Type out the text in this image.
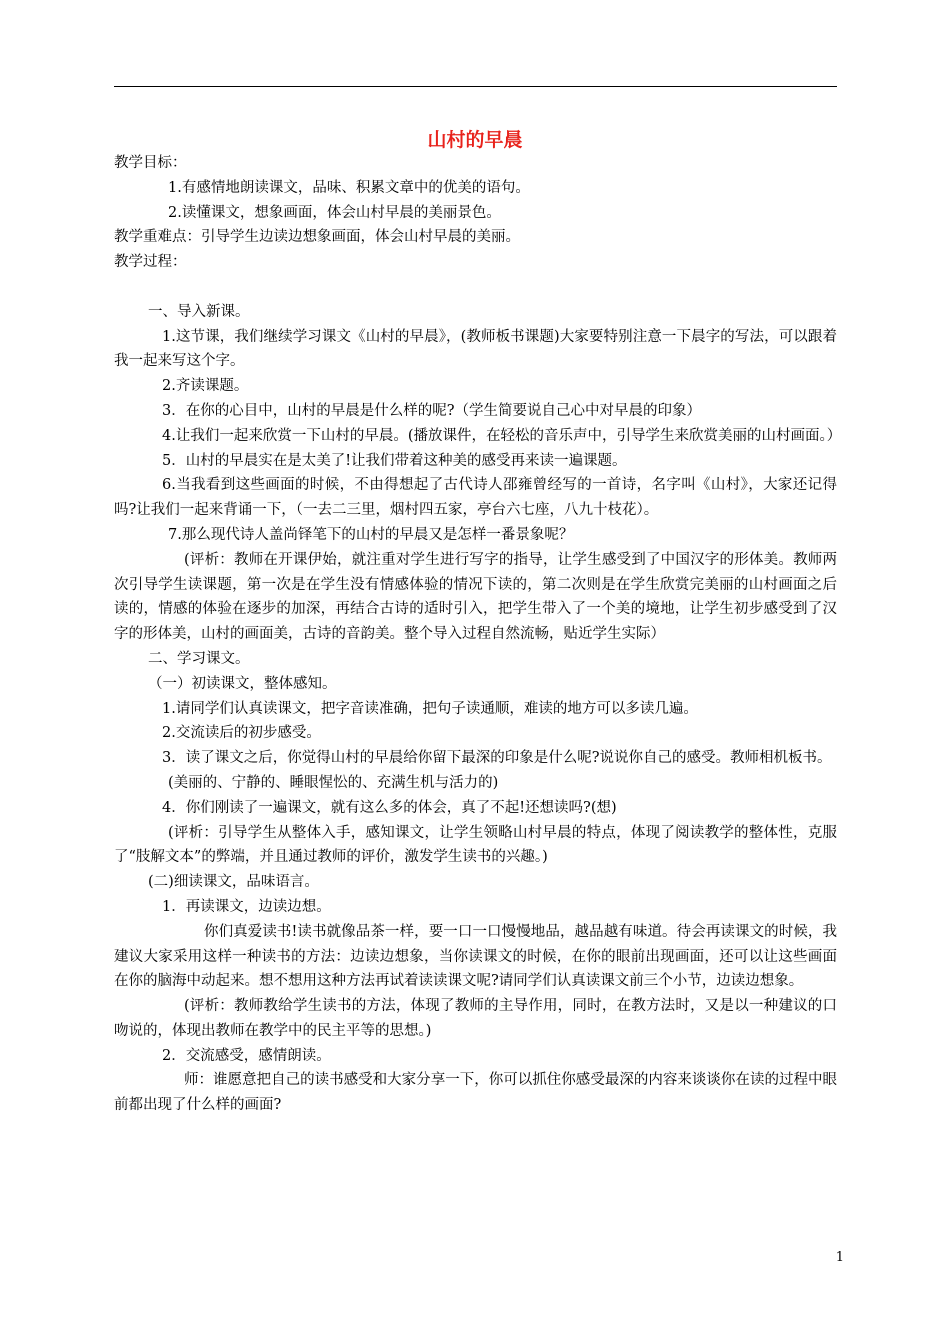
山村的早晨

教学目标：

1.有感情地朗读课文，品味、积累文章中的优美的语句。

2.读懂课文，想象画面，体会山村早晨的美丽景色。

教学重难点：引导学生边读边想象画面，体会山村早晨的美丽。

教学过程：

一、导入新课。

1.这节课，我们继续学习课文《山村的早晨》，(教师板书课题)大家要特别注意一下晨字的写法，可以跟着我一起来写这个字。

2.齐读课题。

3．在你的心目中，山村的早晨是什么样的呢?（学生简要说自己心中对早晨的印象）

4.让我们一起来欣赏一下山村的早晨。(播放课件，在轻松的音乐声中，引导学生来欣赏美丽的山村画面。）

5．山村的早晨实在是太美了!让我们带着这种美的感受再来读一遍课题。

6.当我看到这些画面的时候，不由得想起了古代诗人邵雍曾经写的一首诗，名字叫《山村》，大家还记得吗?让我们一起来背诵一下，（一去二三里，烟村四五家，亭台六七座，八九十枝花）。

7.那么现代诗人盖尚铎笔下的山村的早晨又是怎样一番景象呢？

(评析：教师在开课伊始，就注重对学生进行写字的指导，让学生感受到了中国汉字的形体美。教师两次引导学生读课题，第一次是在学生没有情感体验的情况下读的，第二次则是在学生欣赏完美丽的山村画面之后读的，情感的体验在逐步的加深，再结合古诗的适时引入，把学生带入了一个美的境地，让学生初步感受到了汉字的形体美，山村的画面美，古诗的音韵美。整个导入过程自然流畅，贴近学生实际）

二、学习课文。

（一）初读课文，整体感知。

1.请同学们认真读课文，把字音读准确，把句子读通顺，难读的地方可以多读几遍。

2.交流读后的初步感受。

3．读了课文之后，你觉得山村的早晨给你留下最深的印象是什么呢?说说你自己的感受。教师相机板书。

(美丽的、宁静的、睡眼惺忪的、充满生机与活力的)

4．你们刚读了一遍课文，就有这么多的体会，真了不起!还想读吗?(想)

(评析：引导学生从整体入手，感知课文，让学生领略山村早晨的特点，体现了阅读教学的整体性，克服了“肢解文本”的弊端，并且通过教师的评价，激发学生读书的兴趣。)

(二)细读课文，品味语言。

1．再读课文，边读边想。

你们真爱读书!读书就像品茶一样，要一口一口慢慢地品，越品越有味道。待会再读课文的时候，我建议大家采用这样一种读书的方法：边读边想象，当你读课文的时候，在你的眼前出现画面，还可以让这些画面在你的脑海中动起来。想不想用这种方法再试着读读课文呢?请同学们认真读课文前三个小节，边读边想象。

(评析：教师教给学生读书的方法，体现了教师的主导作用，同时，在教方法时，又是以一种建议的口吻说的，体现出教师在教学中的民主平等的思想。)

2．交流感受，感情朗读。

师：谁愿意把自己的读书感受和大家分享一下，你可以抓住你感受最深的内容来谈谈你在读的过程中眼前都出现了什么样的画面?

1
